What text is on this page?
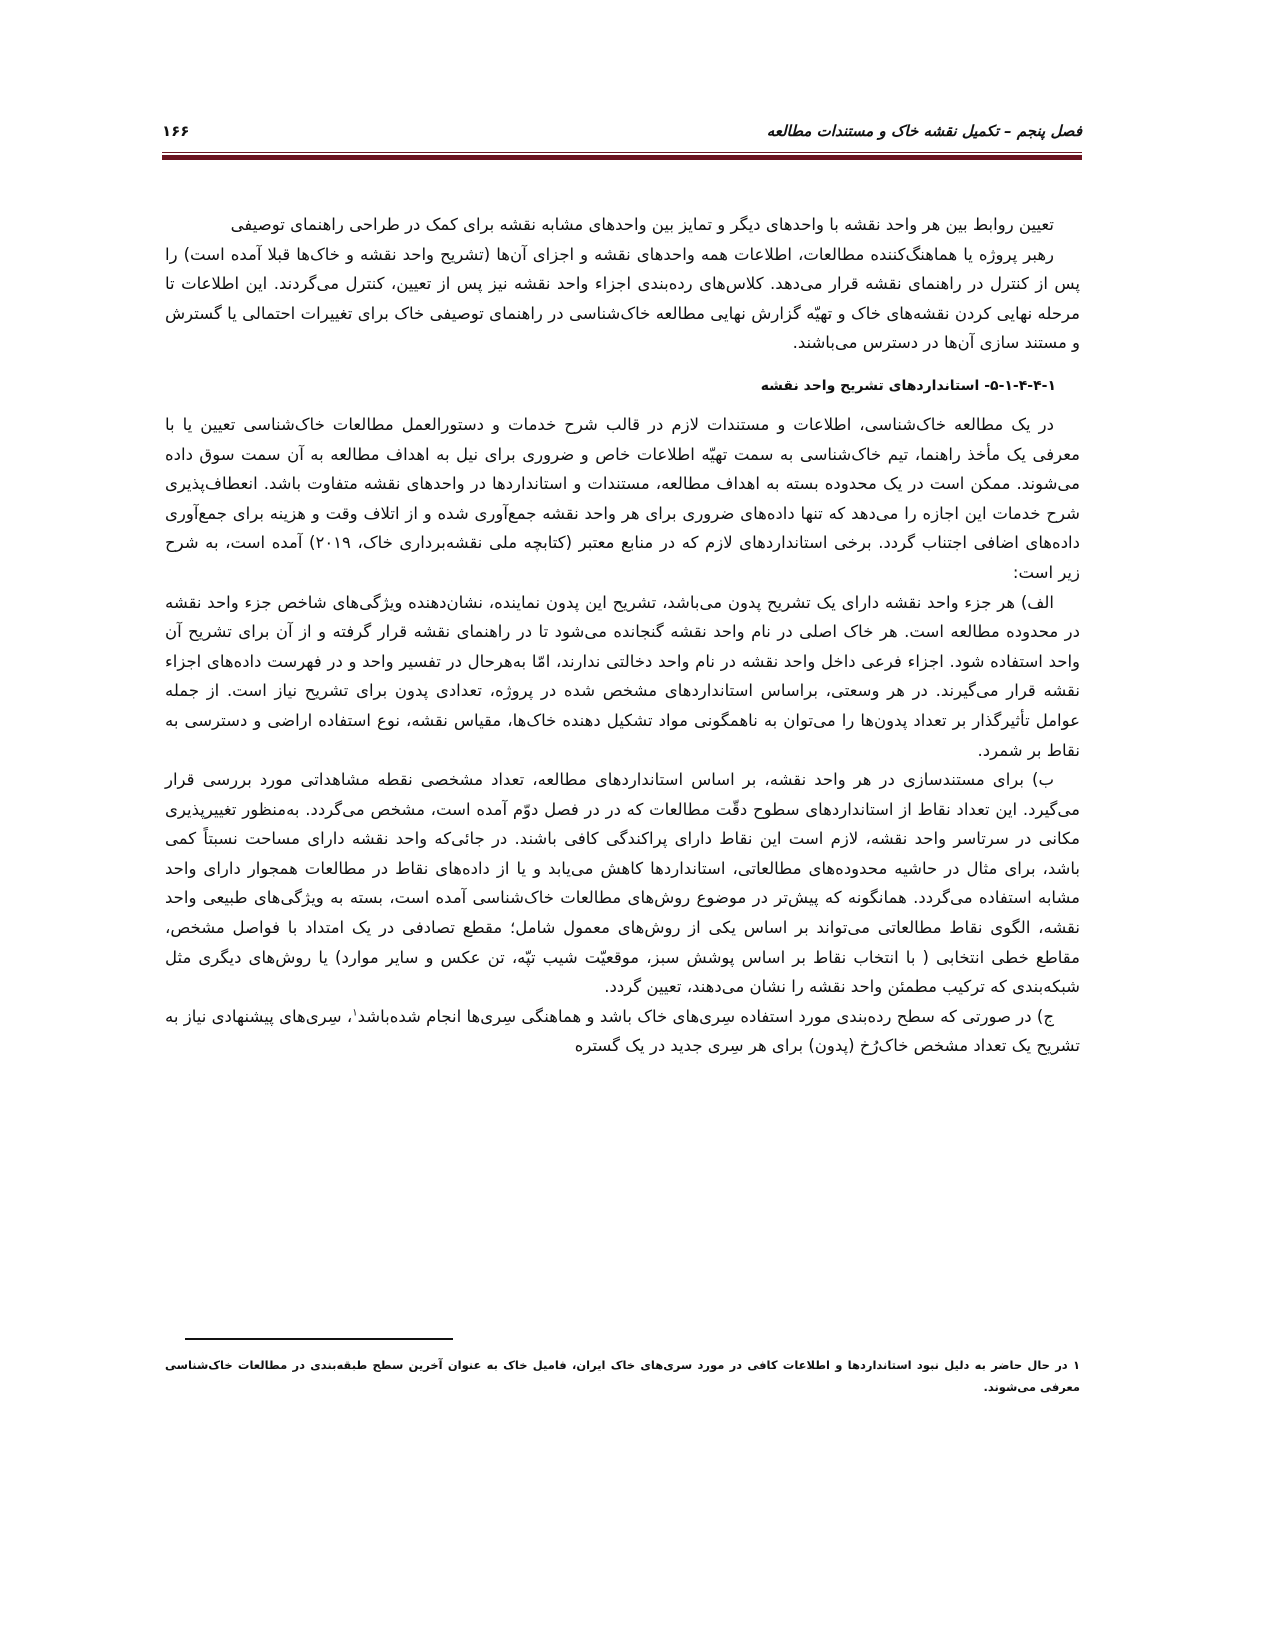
فصل پنجم – تکمیل نقشه خاک و مستندات مطالعه
۱۶۶

تعیین روابط بین هر واحد نقشه با واحدهای دیگر و تمایز بین واحدهای مشابه نقشه برای کمک در طراحی راهنمای توصیفی

رهبر پروژه یا هماهنگ‌کننده مطالعات، اطلاعات همه واحدهای نقشه و اجزای آن‌ها (تشریح واحد نقشه و خاک‌ها قبلا آمده است) را پس از کنترل در راهنمای نقشه قرار می‌دهد. کلاس‌های رده‌بندی اجزاء واحد نقشه نیز پس از تعیین، کنترل می‌گردند. این اطلاعات تا مرحله نهایی کردن نقشه‌های خاک و تهیّه گزارش نهایی مطالعه خاک‌شناسی در راهنمای توصیفی خاک برای تغییرات احتمالی یا گسترش و مستند سازی آن‌ها در دسترس می‌باشند.

۵-۱-۴-۴-۱- استانداردهای تشریح واحد نقشه

در یک مطالعه خاک‌شناسی، اطلاعات و مستندات لازم در قالب شرح خدمات و دستورالعمل مطالعات خاک‌شناسی تعیین یا با معرفی یک مأخذ راهنما، تیم خاک‌شناسی به سمت تهیّه اطلاعات خاص و ضروری برای نیل به اهداف مطالعه به آن سمت سوق داده می‌شوند. ممکن است در یک محدوده بسته به اهداف مطالعه، مستندات و استانداردها در واحدهای نقشه متفاوت باشد. انعطاف‌پذیری شرح خدمات این اجازه را می‌دهد که تنها داده‌های ضروری برای هر واحد نقشه جمع‌آوری شده و از اتلاف وقت و هزینه برای جمع‌آوری داده‌های اضافی اجتناب گردد. برخی استانداردهای لازم که در منابع معتبر (کتابچه ملی نقشه‌برداری خاک، ۲۰۱۹) آمده است، به شرح زیر است:

الف) هر جزء واحد نقشه دارای یک تشریح پدون می‌باشد، تشریح این پدون نماینده، نشان‌دهنده ویژگی‌های شاخص جزء واحد نقشه در محدوده مطالعه است. هر خاک اصلی در نام واحد نقشه گنجانده می‌شود تا در راهنمای نقشه قرار گرفته و از آن برای تشریح آن واحد استفاده شود. اجزاء فرعی داخل واحد نقشه در نام واحد دخالتی ندارند، امّا به‌هرحال در تفسیر واحد و در فهرست داده‌های اجزاء نقشه قرار می‌گیرند. در هر وسعتی، براساس استانداردهای مشخص شده در پروژه، تعدادی پدون برای تشریح نیاز است. از جمله عوامل تأثیرگذار بر تعداد پدون‌ها را می‌توان به ناهمگونی مواد تشکیل دهنده خاک‌ها، مقیاس نقشه، نوع استفاده اراضی و دسترسی به نقاط بر شمرد.

ب) برای مستندسازی در هر واحد نقشه، بر اساس استانداردهای مطالعه، تعداد مشخصی نقطه مشاهداتی مورد بررسی قرار می‌گیرد. این تعداد نقاط از استانداردهای سطوح دقّت مطالعات که در در فصل دوّم آمده است، مشخص می‌گردد. به‌منظور تغییرپذیری مکانی در سرتاسر واحد نقشه، لازم است این نقاط دارای پراکندگی کافی باشند. در جائی‌که واحد نقشه دارای مساحت نسبتاً کمی باشد، برای مثال در حاشیه محدوده‌های مطالعاتی، استانداردها کاهش می‌یابد و یا از داده‌های نقاط در مطالعات همجوار دارای واحد مشابه استفاده می‌گردد. همانگونه که پیش‌تر در موضوع روش‌های مطالعات خاک‌شناسی آمده است، بسته به ویژگی‌های طبیعی واحد نقشه، الگوی نقاط مطالعاتی می‌تواند بر اساس یکی از روش‌های معمول شامل؛ مقطع تصادفی در یک امتداد با فواصل مشخص، مقاطع خطی انتخابی ( با انتخاب نقاط بر اساس پوشش سبز، موقعیّت شیب تپّه، تن عکس و سایر موارد) یا روش‌های دیگری مثل شبکه‌بندی که ترکیب مطمئن واحد نقشه را نشان می‌دهند، تعیین گردد.

ج) در صورتی که سطح رده‌بندی مورد استفاده سِری‌های خاک باشد و هماهنگی سِری‌ها انجام شده‌باشد$^۱$، سِری‌های پیشنهادی نیاز به تشریح یک تعداد مشخص خاک‌رُخ (پدون) برای هر سِری جدید در یک گستره

۱ در حال حاضر به دلیل نبود استانداردها و اطلاعات کافی در مورد سری‌های خاک ایران، فامیل خاک به عنوان آخرین سطح طبقه‌بندی در مطالعات خاک‌شناسی معرفی می‌شوند.
